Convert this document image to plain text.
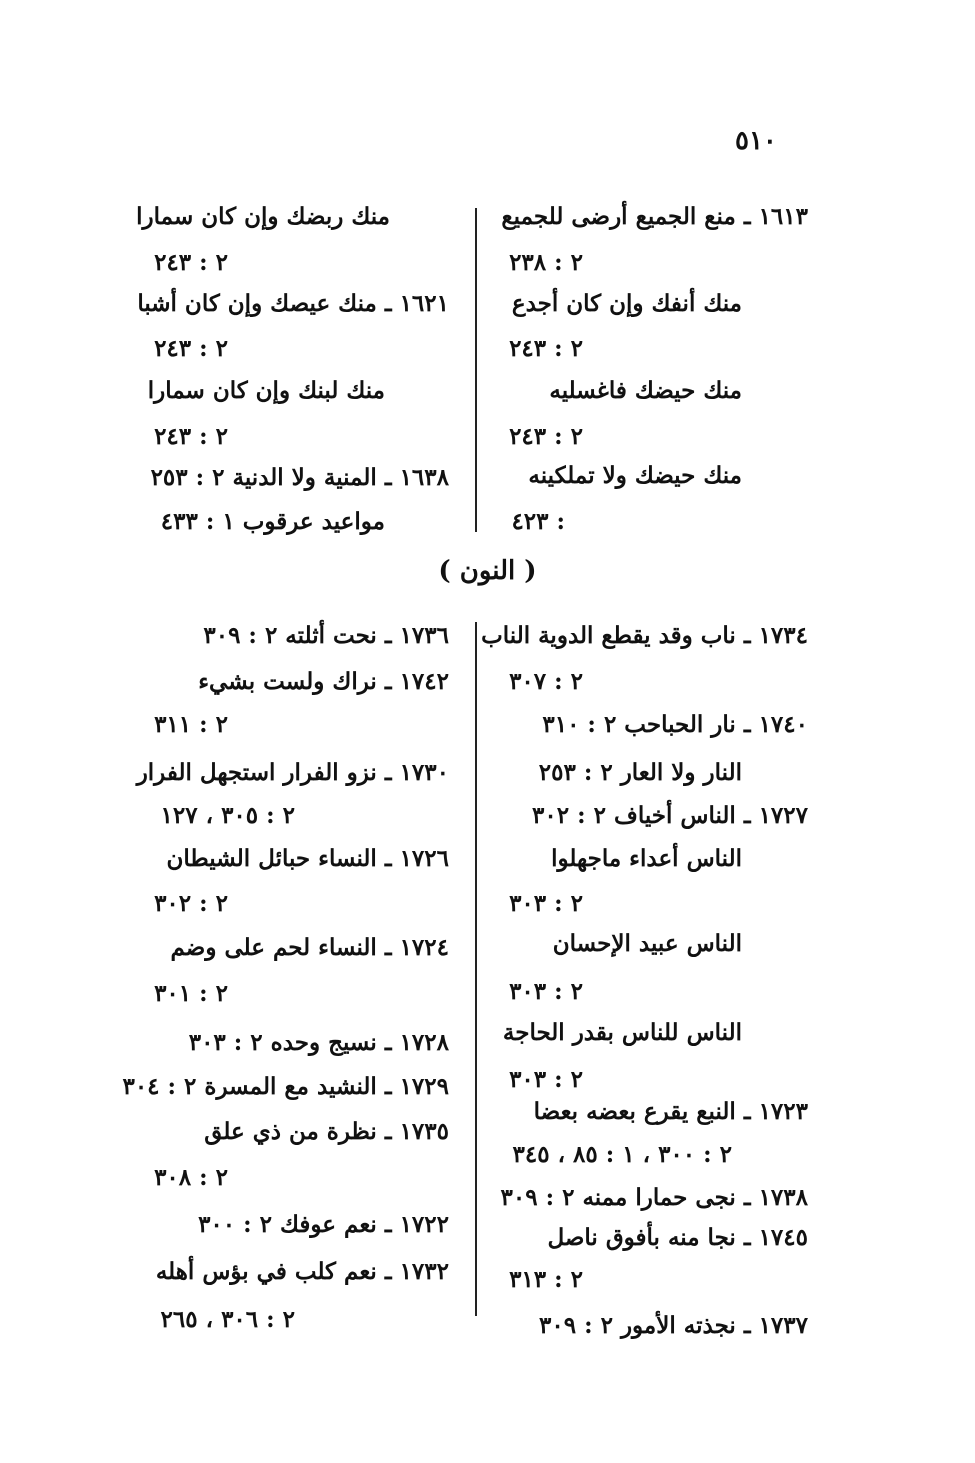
٥١٠
( النون )
١٦١٣ ـ منع الجميع أرضى للجميع
٢ : ٢٣٨
منك أنفك وإن كان أجدع
٢ : ٢٤٣
منك حيضك فاغسليه
٢ : ٢٤٣
منك حيضك ولا تملكينه
: ٤٢٣
منك ربضك وإن كان سمارا
٢ : ٢٤٣
١٦٢١ ـ منك عيصك وإن كان أشبا
٢ : ٢٤٣
منك لبنك وإن كان سمارا
٢ : ٢٤٣
١٦٣٨ ـ المنية ولا الدنية ٢ : ٢٥٣
مواعيد عرقوب ١ : ٤٣٣
١٧٣٤ ـ ناب وقد يقطع الدوية الناب
٢ : ٣٠٧
١٧٤٠ ـ نار الحباحب ٢ : ٣١٠
النار ولا العار ٢ : ٢٥٣
١٧٢٧ ـ الناس أخياف ٢ : ٣٠٢
الناس أعداء ماجهلوا
٢ : ٣٠٣
الناس عبيد الإحسان
٢ : ٣٠٣
الناس للناس بقدر الحاجة
٢ : ٣٠٣
١٧٢٣ ـ النبع يقرع بعضه بعضا
٢ : ٣٠٠ ، ١ : ٨٥ ، ٣٤٥
١٧٣٨ ـ نجى حمارا ممنه ٢ : ٣٠٩
١٧٤٥ ـ نجا منه بأفوق ناصل
٢ : ٣١٣
١٧٣٧ ـ نجذته الأمور ٢ : ٣٠٩
١٧٣٦ ـ نحت أثلته ٢ : ٣٠٩
١٧٤٢ ـ نراك ولست بشيء
٢ : ٣١١
١٧٣٠ ـ نزو الفرار استجهل الفرار
٢ : ٣٠٥ ، ١٢٧
١٧٢٦ ـ النساء حبائل الشيطان
٢ : ٣٠٢
١٧٢٤ ـ النساء لحم على وضم
٢ : ٣٠١
١٧٢٨ ـ نسيج وحده ٢ : ٣٠٣
١٧٢٩ ـ النشيد مع المسرة ٢ : ٣٠٤
١٧٣٥ ـ نظرة من ذي علق
٢ : ٣٠٨
١٧٢٢ ـ نعم عوفك ٢ : ٣٠٠
١٧٣٢ ـ نعم كلب في بؤس أهله
٢ : ٣٠٦ ، ٢٦٥
